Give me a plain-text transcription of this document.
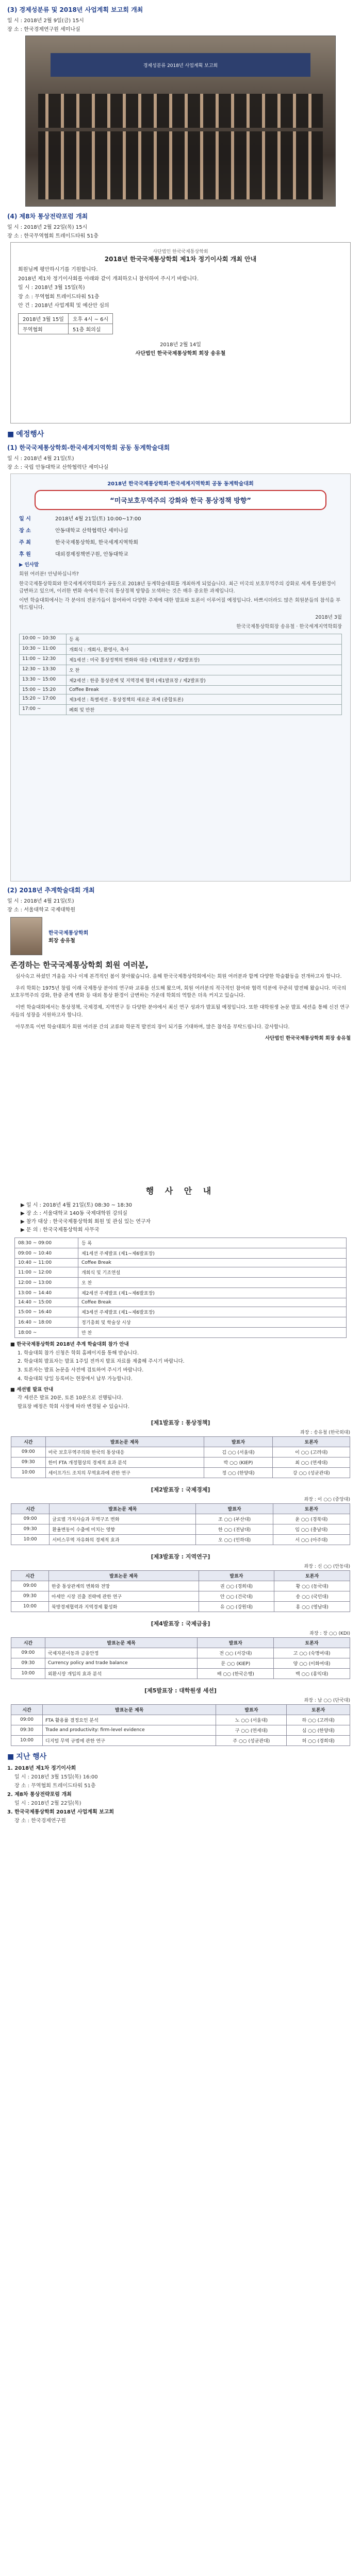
(3) 경제성분류 및 2018년 사업계획 보고회 개최
일 시 : 2018년 2월 9일(금) 15시
장 소 : 한국경제연구원 세미나실
경제성분류 2018년 사업계획 보고회
(4) 제8차 통상전략포럼 개최
일 시 : 2018년 2월 22일(목) 15시
장 소 : 한국무역협회 트레이드타워 51층
사단법인 한국국제통상학회
2018년 한국국제통상학회 제1차 정기이사회 개최 안내

회원님께 평안하시기를 기원합니다.

2018년 제1차 정기이사회를 아래와 같이 개최하오니 참석하여 주시기 바랍니다.

일 시 : 2018년 3월 15일(목)

장 소 : 무역협회 트레이드타워 51층

안 건 : 2018년 사업계획 및 예산안 심의

2018년 3월 15일	오후 4시 ~ 6시
무역협회	51층 회의실

2018년 2월 14일

사단법인 한국국제통상학회 회장 송유철

■ 예정행사
(1) 한국국제통상학회-한국세계지역학회 공동 동계학술대회
일 시 : 2018년 4월 21일(토)
장 소 : 국립 안동대학교 산학협력단 세미나실
2018년 한국국제통상학회·한국세계지역학회 공동 동계학술대회
“미국보호무역주의 강화와 한국 통상정책 방향”
일 시	2018년 4월 21일(토) 10:00~17:00
장 소	안동대학교 산학협력단 세미나실
주 최	한국국제통상학회, 한국세계지역학회
후 원	대외경제정책연구원, 안동대학교

▶ 인사말

회원 여러분! 안녕하십니까?

한국국제통상학회와 한국세계지역학회가 공동으로 2018년 동계학술대회를 개최하게 되었습니다. 최근 미국의 보호무역주의 강화로 세계 통상환경이 급변하고 있으며, 이러한 변화 속에서 한국의 통상정책 방향을 모색하는 것은 매우 중요한 과제입니다.

이번 학술대회에서는 각 분야의 전문가들이 참여하여 다양한 주제에 대한 발표와 토론이 이루어질 예정입니다. 바쁘시더라도 많은 회원분들의 참석을 부탁드립니다.

2018년 3월

한국국제통상학회장 송유철 · 한국세계지역학회장

10:00 ~ 10:30	등 록
10:30 ~ 11:00	개회식 : 개회사, 환영사, 축사
11:00 ~ 12:30	제1세션 : 미국 통상정책의 변화와 대응 (제1발표장 / 제2발표장)
12:30 ~ 13:30	오 찬
13:30 ~ 15:00	제2세션 : 한중 통상관계 및 지역경제 협력 (제1발표장 / 제2발표장)
15:00 ~ 15:20	Coffee Break
15:20 ~ 17:00	제3세션 : 특별세션 - 통상정책의 새로운 과제 (종합토론)
17:00 ~	폐회 및 만찬
(2) 2018년 추계학술대회 개최
일 시 : 2018년 4월 21일(토)
장 소 : 서울대학교 국제대학원
한국국제통상학회
회장 송유철
존경하는 한국국제통상학회 회원 여러분,

심사숙고 하셨던 겨울을 지나 이제 본격적인 봄이 찾아왔습니다. 올해 한국국제통상학회에서는 회원 여러분과 함께 다양한 학술활동을 전개하고자 합니다.

우리 학회는 1975년 창립 이래 국제통상 분야의 연구와 교류를 선도해 왔으며, 회원 여러분의 적극적인 참여와 협력 덕분에 꾸준히 발전해 왔습니다. 미국의 보호무역주의 강화, 한중 관계 변화 등 대외 통상 환경이 급변하는 가운데 학회의 역할은 더욱 커지고 있습니다.

이번 학술대회에서는 통상정책, 국제경제, 지역연구 등 다양한 분야에서 최신 연구 성과가 발표될 예정입니다. 또한 대학원생 논문 발표 세션을 통해 신진 연구자들의 성장을 지원하고자 합니다.

아무쪼록 이번 학술대회가 회원 여러분 간의 교류와 학문적 발전의 장이 되기를 기대하며, 많은 참석을 부탁드립니다. 감사합니다.

사단법인 한국국제통상학회 회장 송유철

행 사 안 내
▶ 일 시 : 2018년 4월 21일(토) 08:30 ~ 18:30
▶ 장 소 : 서울대학교 140동 국제대학원 강의실
▶ 참가 대상 : 한국국제통상학회 회원 및 관심 있는 연구자
▶ 문 의 : 한국국제통상학회 사무국
08:30 ~ 09:00	등 록
09:00 ~ 10:40	제1세션 주제발표 (제1~제6발표장)
10:40 ~ 11:00	Coffee Break
11:00 ~ 12:00	개회식 및 기조연설
12:00 ~ 13:00	오 찬
13:00 ~ 14:40	제2세션 주제발표 (제1~제6발표장)
14:40 ~ 15:00	Coffee Break
15:00 ~ 16:40	제3세션 주제발표 (제1~제6발표장)
16:40 ~ 18:00	정기총회 및 학술상 시상
18:00 ~	만 찬
■ 한국국제통상학회 2018년 추계 학술대회 참가 안내
1. 학술대회 참가 신청은 학회 홈페이지를 통해 받습니다.
2. 학술대회 발표자는 발표 1주일 전까지 발표 자료를 제출해 주시기 바랍니다.
3. 토론자는 발표 논문을 사전에 검토하여 주시기 바랍니다.
4. 학술대회 당일 등록비는 현장에서 납부 가능합니다.
■ 세션별 발표 안내
각 세션은 발표 20분, 토론 10분으로 진행됩니다.
발표장 배정은 학회 사정에 따라 변경될 수 있습니다.
[제1발표장 : 통상정책]
좌장 : 송유철 (한국외대)
시간	발표논문 제목	발표자	토론자
09:00	미국 보호무역주의와 한국의 통상대응	김 ○○ (서울대)	이 ○○ (고려대)
09:30	한미 FTA 개정협상의 경제적 효과 분석	박 ○○ (KIEP)	최 ○○ (연세대)
10:00	세이프가드 조치의 무역효과에 관한 연구	정 ○○ (한양대)	강 ○○ (성균관대)
[제2발표장 : 국제경제]
좌장 : 이 ○○ (중앙대)
시간	발표논문 제목	발표자	토론자
09:00	글로벌 가치사슬과 무역구조 변화	조 ○○ (부산대)	윤 ○○ (경북대)
09:30	환율변동이 수출에 미치는 영향	한 ○○ (전남대)	임 ○○ (충남대)
10:00	서비스무역 자유화의 경제적 효과	오 ○○ (인하대)	서 ○○ (아주대)
[제3발표장 : 지역연구]
좌장 : 신 ○○ (안동대)
시간	발표논문 제목	발표자	토론자
09:00	한중 통상관계의 변화와 전망	권 ○○ (경희대)	황 ○○ (동국대)
09:30	아세안 시장 진출 전략에 관한 연구	안 ○○ (건국대)	송 ○○ (국민대)
10:00	북방경제협력과 지역경제 활성화	유 ○○ (강원대)	홍 ○○ (영남대)
[제4발표장 : 국제금융]
좌장 : 장 ○○ (KDI)
시간	발표논문 제목	발표자	토론자
09:00	국제자본이동과 금융안정	전 ○○ (서강대)	고 ○○ (숙명여대)
09:30	Currency policy and trade balance	문 ○○ (KIEP)	양 ○○ (이화여대)
10:00	외환시장 개입의 효과 분석	배 ○○ (한국은행)	백 ○○ (홍익대)
[제5발표장 : 대학원생 세션]
좌장 : 남 ○○ (단국대)
시간	발표논문 제목	발표자	토론자
09:00	FTA 활용률 결정요인 분석	노 ○○ (서울대)	하 ○○ (고려대)
09:30	Trade and productivity: firm-level evidence	구 ○○ (연세대)	심 ○○ (한양대)
10:00	디지털 무역 규범에 관한 연구	주 ○○ (성균관대)	허 ○○ (경희대)
■ 지난 행사
1. 2018년 제1차 정기이사회
일 시 : 2018년 3월 15일(목) 16:00
장 소 : 무역협회 트레이드타워 51층
2. 제8차 통상전략포럼 개최
일 시 : 2018년 2월 22일(목)
3. 한국국제통상학회 2018년 사업계획 보고회
장 소 : 한국경제연구원
